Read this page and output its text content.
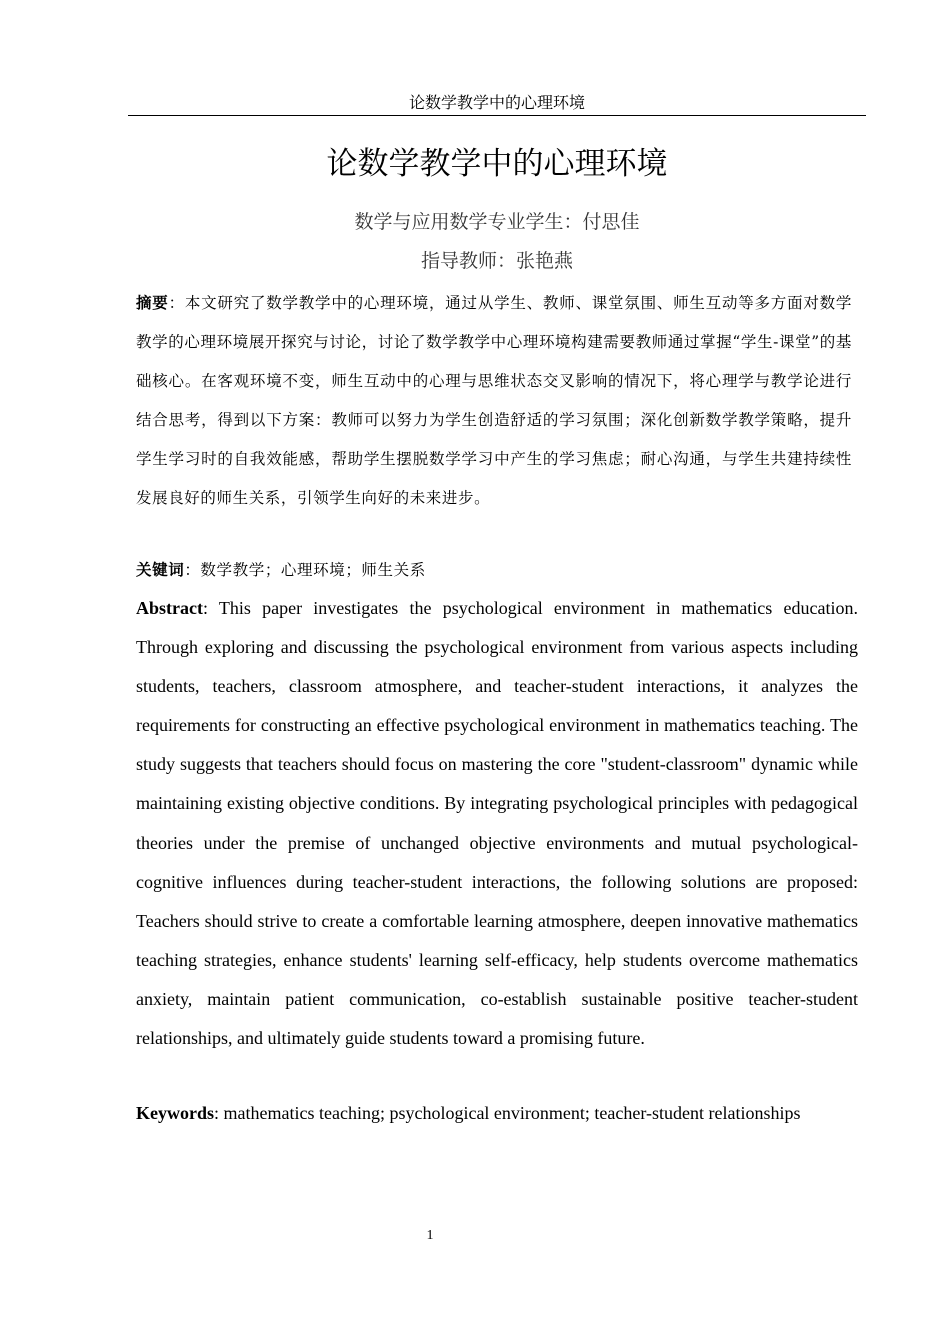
论数学教学中的心理环境
论数学教学中的心理环境
数学与应用数学专业学生：付思佳
指导教师：张艳燕
摘要：本文研究了数学教学中的心理环境，通过从学生、教师、课堂氛围、师生互动等多方面对数学教学的心理环境展开探究与讨论，讨论了数学教学中心理环境构建需要教师通过掌握“学生-课堂”的基础核心。在客观环境不变，师生互动中的心理与思维状态交叉影响的情况下，将心理学与教学论进行结合思考，得到以下方案：教师可以努力为学生创造舒适的学习氛围；深化创新数学教学策略，提升学生学习时的自我效能感，帮助学生摆脱数学学习中产生的学习焦虑；耐心沟通，与学生共建持续性发展良好的师生关系，引领学生向好的未来进步。
关键词：数学教学；心理环境；师生关系
Abstract: This paper investigates the psychological environment in mathematics education. Through exploring and discussing the psychological environment from various aspects including students, teachers, classroom atmosphere, and teacher-student interactions, it analyzes the requirements for constructing an effective psychological environment in mathematics teaching. The study suggests that teachers should focus on mastering the core "student-classroom" dynamic while maintaining existing objective conditions. By integrating psychological principles with pedagogical theories under the premise of unchanged objective environments and mutual psychological-cognitive influences during teacher-student interactions, the following solutions are proposed: Teachers should strive to create a comfortable learning atmosphere, deepen innovative mathematics teaching strategies, enhance students' learning self-efficacy, help students overcome mathematics anxiety, maintain patient communication, co-establish sustainable positive teacher-student relationships, and ultimately guide students toward a promising future.
Keywords: mathematics teaching; psychological environment; teacher-student relationships
1
